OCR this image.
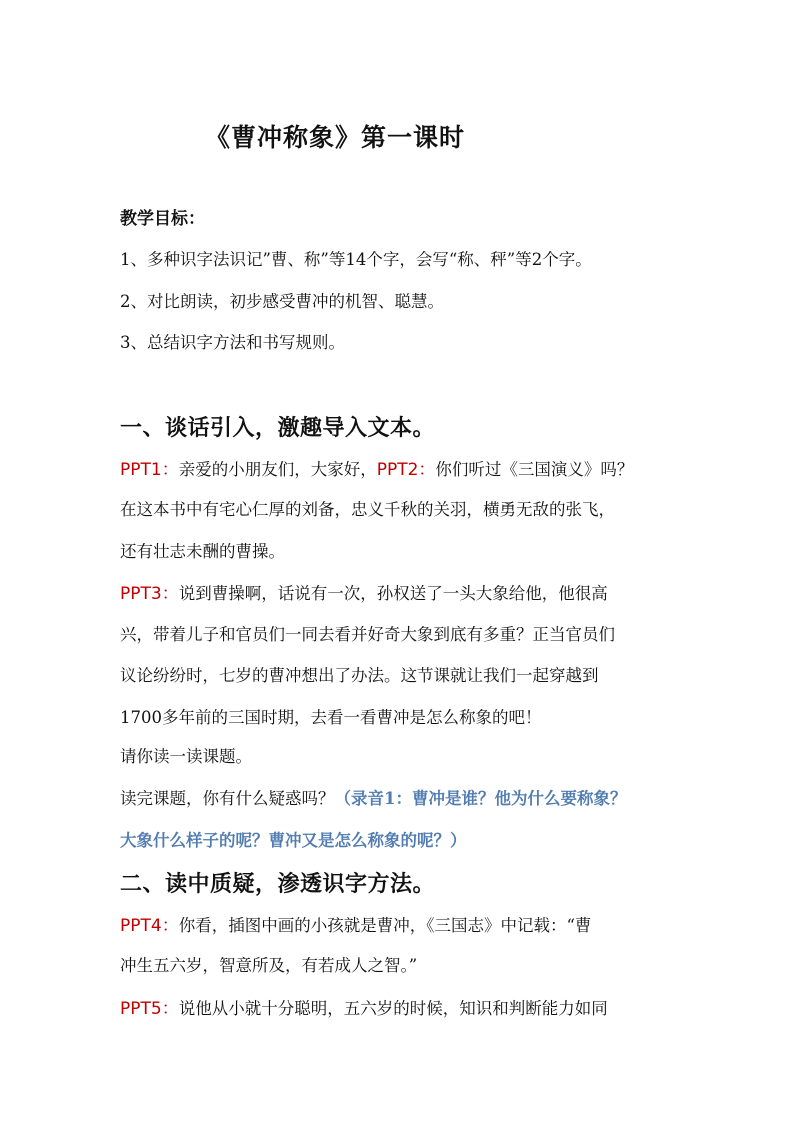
《曹冲称象》第一课时
教学目标：
1、多种识字法识记”曹、称”等14个字，会写“称、秤”等2个字。
2、对比朗读，初步感受曹冲的机智、聪慧。
3、总结识字方法和书写规则。
一、谈话引入，激趣导入文本。
PPT1：亲爱的小朋友们，大家好，PPT2：你们听过《三国演义》吗？
在这本书中有宅心仁厚的刘备，忠义千秋的关羽，横勇无敌的张飞，
还有壮志未酬的曹操。
PPT3：说到曹操啊，话说有一次，孙权送了一头大象给他，他很高
兴，带着儿子和官员们一同去看并好奇大象到底有多重？正当官员们
议论纷纷时，七岁的曹冲想出了办法。这节课就让我们一起穿越到
1700多年前的三国时期，去看一看曹冲是怎么称象的吧！
请你读一读课题。
读完课题，你有什么疑惑吗？（录音1：曹冲是谁？他为什么要称象？
大象什么样子的呢？曹冲又是怎么称象的呢？）
二、读中质疑，渗透识字方法。
PPT4：你看，插图中画的小孩就是曹冲，《三国志》中记载：“曹
冲生五六岁，智意所及，有若成人之智。”
PPT5：说他从小就十分聪明，五六岁的时候，知识和判断能力如同
